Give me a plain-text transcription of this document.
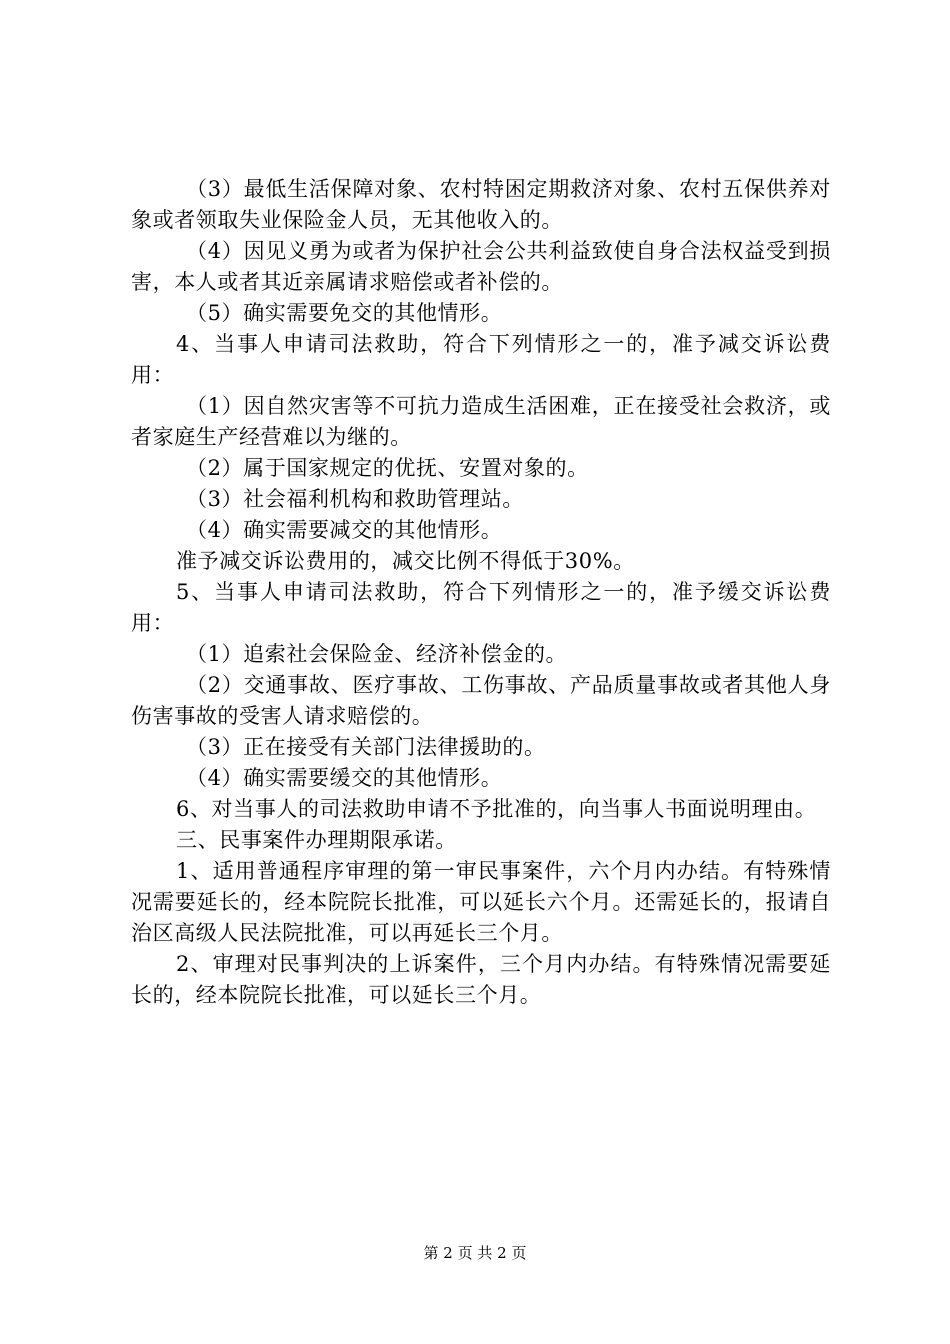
（3）最低生活保障对象、农村特困定期救济对象、农村五保供养对象或者领取失业保险金人员，无其他收入的。

（4）因见义勇为或者为保护社会公共利益致使自身合法权益受到损害，本人或者其近亲属请求赔偿或者补偿的。

（5）确实需要免交的其他情形。

4、当事人申请司法救助，符合下列情形之一的，准予减交诉讼费用：

（1）因自然灾害等不可抗力造成生活困难，正在接受社会救济，或者家庭生产经营难以为继的。

（2）属于国家规定的优抚、安置对象的。

（3）社会福利机构和救助管理站。

（4）确实需要减交的其他情形。

准予减交诉讼费用的，减交比例不得低于30%。

5、当事人申请司法救助，符合下列情形之一的，准予缓交诉讼费用：

（1）追索社会保险金、经济补偿金的。

（2）交通事故、医疗事故、工伤事故、产品质量事故或者其他人身伤害事故的受害人请求赔偿的。

（3）正在接受有关部门法律援助的。

（4）确实需要缓交的其他情形。

6、对当事人的司法救助申请不予批准的，向当事人书面说明理由。

三、民事案件办理期限承诺。

1、适用普通程序审理的第一审民事案件，六个月内办结。有特殊情况需要延长的，经本院院长批准，可以延长六个月。还需延长的，报请自治区高级人民法院批准，可以再延长三个月。

2、审理对民事判决的上诉案件，三个月内办结。有特殊情况需要延长的，经本院院长批准，可以延长三个月。

第 2 页 共 2 页
